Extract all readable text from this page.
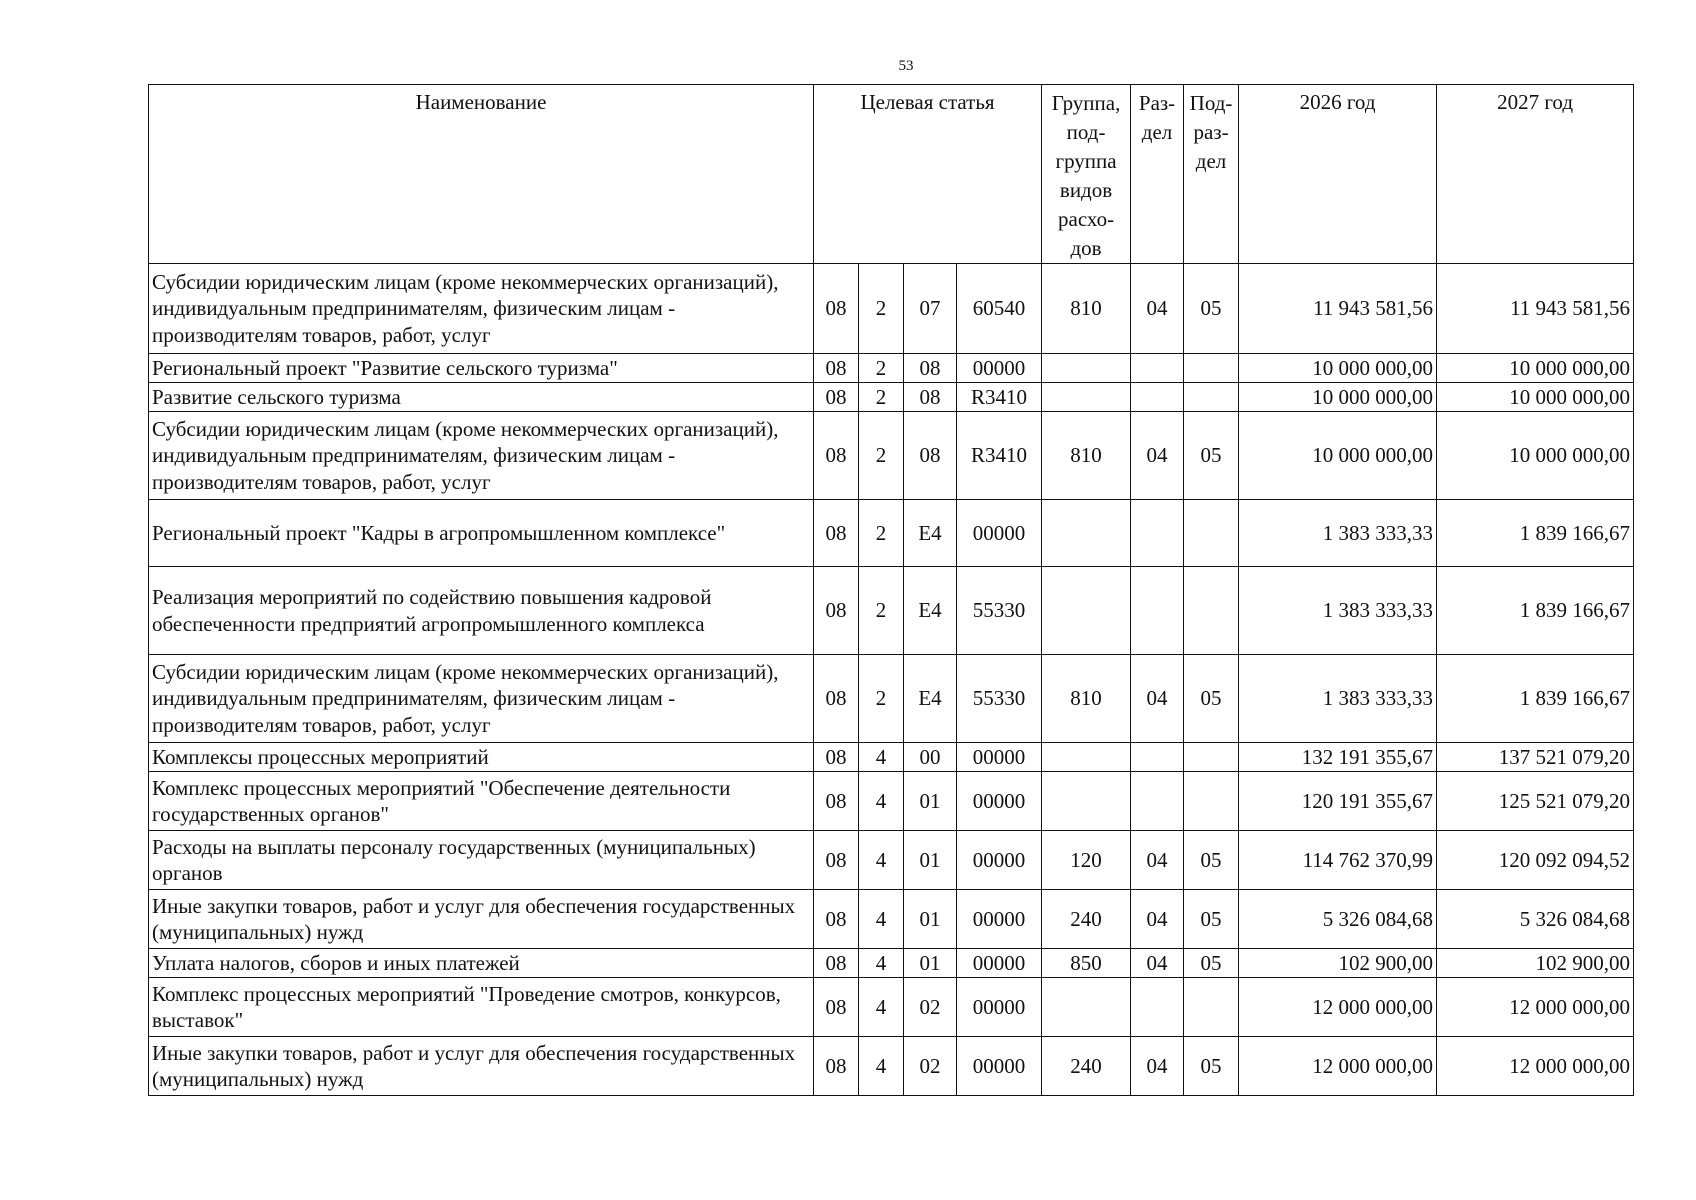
53
Наименование	Целевая статья				Группа, под-группа видов расхо-дов	Раз-дел	Под-раз-дел	2026 год	2027 год
Субсидии юридическим лицам (кроме некоммерческих организаций), индивидуальным предпринимателям, физическим лицам - производителям товаров, работ, услуг	08	2	07	60540	810	04	05	11 943 581,56	11 943 581,56
Региональный проект "Развитие сельского туризма"	08	2	08	00000				10 000 000,00	10 000 000,00
Развитие сельского туризма	08	2	08	R3410				10 000 000,00	10 000 000,00
Субсидии юридическим лицам (кроме некоммерческих организаций), индивидуальным предпринимателям, физическим лицам - производителям товаров, работ, услуг	08	2	08	R3410	810	04	05	10 000 000,00	10 000 000,00
Региональный проект "Кадры в агропромышленном комплексе"	08	2	E4	00000				1 383 333,33	1 839 166,67
Реализация мероприятий по содействию повышения кадровой обеспеченности предприятий агропромышленного комплекса	08	2	E4	55330				1 383 333,33	1 839 166,67
Субсидии юридическим лицам (кроме некоммерческих организаций), индивидуальным предпринимателям, физическим лицам - производителям товаров, работ, услуг	08	2	E4	55330	810	04	05	1 383 333,33	1 839 166,67
Комплексы процессных мероприятий	08	4	00	00000				132 191 355,67	137 521 079,20
Комплекс процессных мероприятий "Обеспечение деятельности государственных органов"	08	4	01	00000				120 191 355,67	125 521 079,20
Расходы на выплаты персоналу государственных (муниципальных) органов	08	4	01	00000	120	04	05	114 762 370,99	120 092 094,52
Иные закупки товаров, работ и услуг для обеспечения государственных (муниципальных) нужд	08	4	01	00000	240	04	05	5 326 084,68	5 326 084,68
Уплата налогов, сборов и иных платежей	08	4	01	00000	850	04	05	102 900,00	102 900,00
Комплекс процессных мероприятий "Проведение смотров, конкурсов, выставок"	08	4	02	00000				12 000 000,00	12 000 000,00
Иные закупки товаров, работ и услуг для обеспечения государственных (муниципальных) нужд	08	4	02	00000	240	04	05	12 000 000,00	12 000 000,00
